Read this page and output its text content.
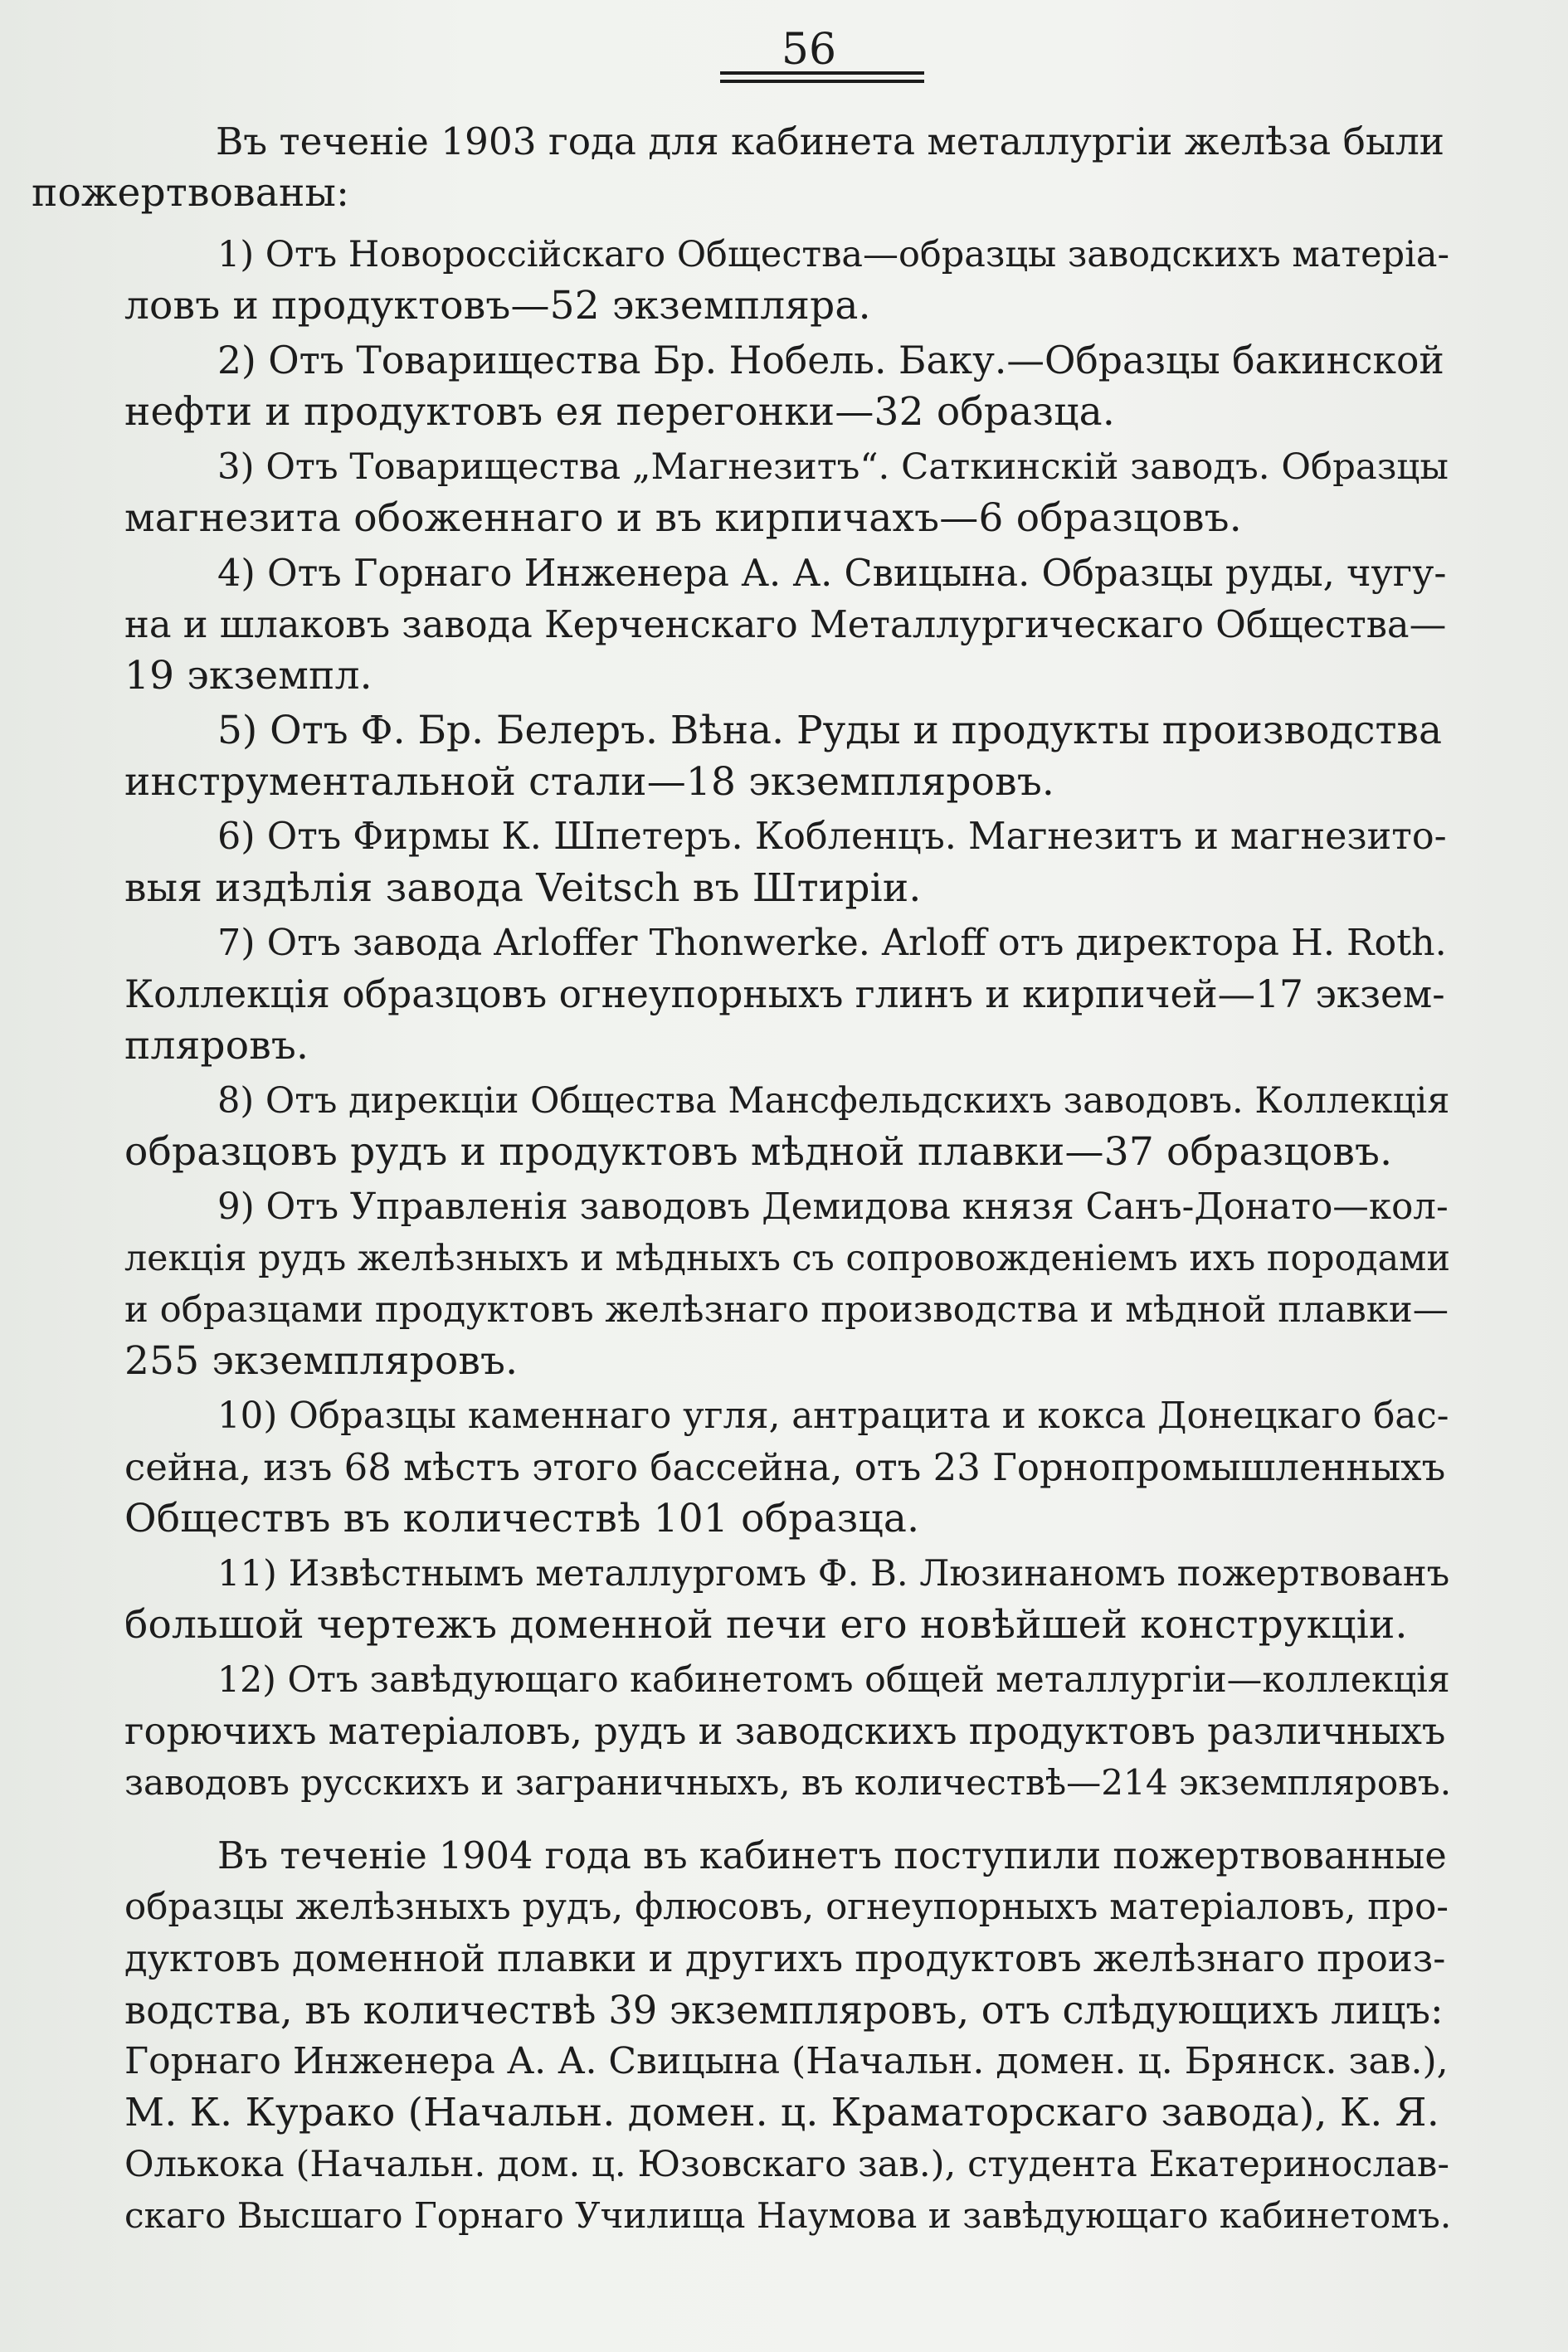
56

Въ теченіе 1903 года для кабинета металлургіи желѣза были
пожертвованы:

1) Отъ Новороссійскаго Общества—образцы заводскихъ матеріа-
ловъ и продуктовъ—52 экземпляра.

2) Отъ Товарищества Бр. Нобель. Баку.—Образцы бакинской
нефти и продуктовъ ея перегонки—32 образца.

3) Отъ Товарищества „Магнезитъ“. Саткинскій заводъ. Образцы
магнезита обоженнаго и въ кирпичахъ—6 образцовъ.

4) Отъ Горнаго Инженера А. А. Свицына. Образцы руды, чугу-
на и шлаковъ завода Керченскаго Металлургическаго Общества—
19 экземпл.

5) Отъ Ф. Бр. Белеръ. Вѣна. Руды и продукты производства
инструментальной стали—18 экземпляровъ.

6) Отъ Фирмы К. Шпетеръ. Кобленцъ. Магнезитъ и магнезито-
выя издѣлія завода Veitsch въ Штиріи.

7) Отъ завода Arloffer Thonwerke. Arloff отъ директора H. Roth.
Коллекція образцовъ огнеупорныхъ глинъ и кирпичей—17 экзем-
пляровъ.

8) Отъ дирекціи Общества Мансфельдскихъ заводовъ. Коллекція
образцовъ рудъ и продуктовъ мѣдной плавки—37 образцовъ.

9) Отъ Управленія заводовъ Демидова князя Санъ-Донато—кол-
лекція рудъ желѣзныхъ и мѣдныхъ съ сопровожденіемъ ихъ породами
и образцами продуктовъ желѣзнаго производства и мѣдной плавки—
255 экземпляровъ.

10) Образцы каменнаго угля, антрацита и кокса Донецкаго бас-
сейна, изъ 68 мѣстъ этого бассейна, отъ 23 Горнопромышленныхъ
Обществъ въ количествѣ 101 образца.

11) Извѣстнымъ металлургомъ Ф. В. Люзинаномъ пожертвованъ
большой чертежъ доменной печи его новѣйшей конструкціи.

12) Отъ завѣдующаго кабинетомъ общей металлургіи—коллекція
горючихъ матеріаловъ, рудъ и заводскихъ продуктовъ различныхъ
заводовъ русскихъ и заграничныхъ, въ количествѣ—214 экземпляровъ.

Въ теченіе 1904 года въ кабинетъ поступили пожертвованные
образцы желѣзныхъ рудъ, флюсовъ, огнеупорныхъ матеріаловъ, про-
дуктовъ доменной плавки и другихъ продуктовъ желѣзнаго произ-
водства, въ количествѣ 39 экземпляровъ, отъ слѣдующихъ лицъ:
Горнаго Инженера А. А. Свицына (Начальн. домен. ц. Брянск. зав.),
М. К. Курако (Начальн. домен. ц. Краматорскаго завода), К. Я.
Олькока (Начальн. дом. ц. Юзовскаго зав.), студента Екатеринослав-
скаго Высшаго Горнаго Училища Наумова и завѣдующаго кабинетомъ.
